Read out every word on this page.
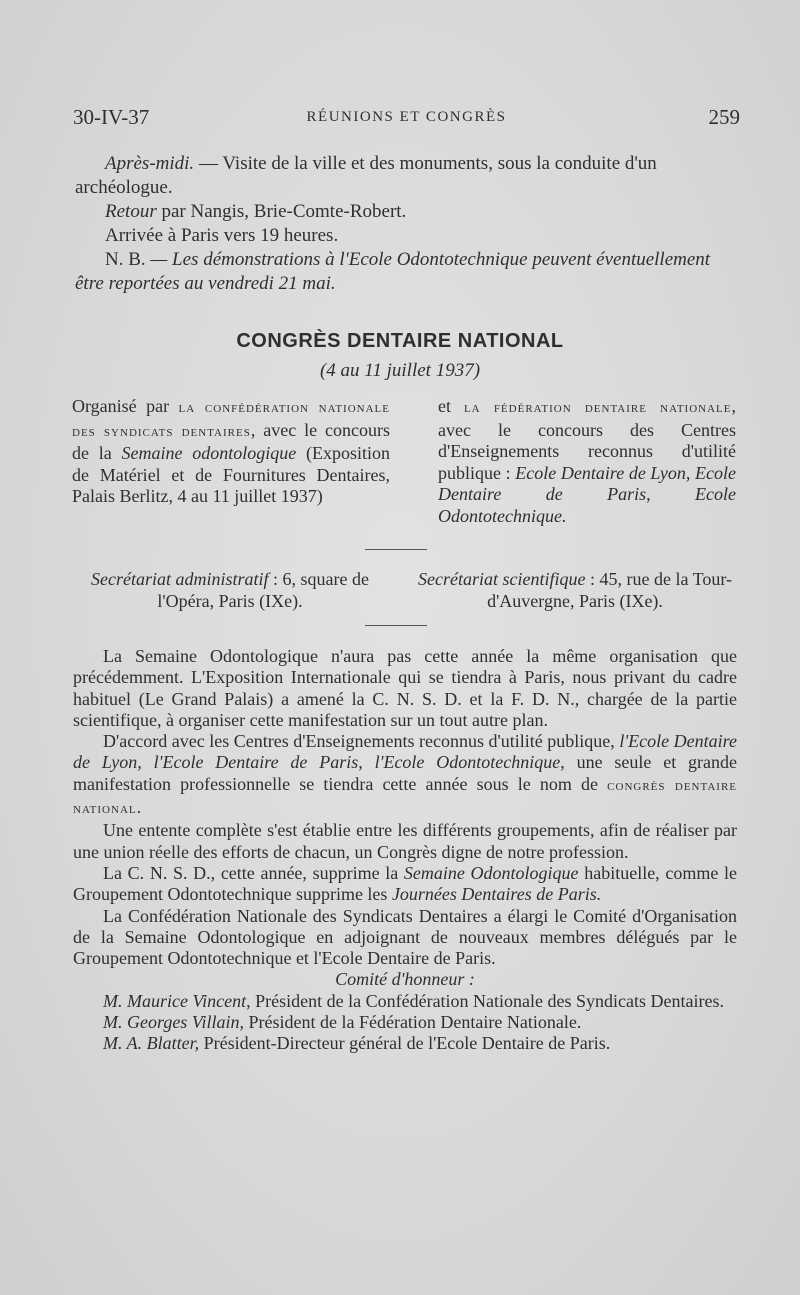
30-IV-37	RÉUNIONS ET CONGRÈS	259
Après-midi. — Visite de la ville et des monuments, sous la conduite d'un archéologue.
Retour par Nangis, Brie-Comte-Robert.
Arrivée à Paris vers 19 heures.
N. B. — Les démonstrations à l'Ecole Odontotechnique peuvent éventuellement être reportées au vendredi 21 mai.
CONGRÈS DENTAIRE NATIONAL
(4 au 11 juillet 1937)
Organisé par la confédération nationale des syndicats dentaires, avec le concours de la Semaine odontologique (Exposition de Matériel et de Fournitures Dentaires, Palais Berlitz, 4 au 11 juillet 1937)
et la fédération dentaire nationale, avec le concours des Centres d'Enseignements reconnus d'utilité publique : Ecole Dentaire de Lyon, Ecole Dentaire de Paris, Ecole Odontotechnique.
Secrétariat administratif : 6, square de l'Opéra, Paris (IXe).
Secrétariat scientifique : 45, rue de la Tour-d'Auvergne, Paris (IXe).

La Semaine Odontologique n'aura pas cette année la même organisation que précédemment. L'Exposition Internationale qui se tiendra à Paris, nous privant du cadre habituel (Le Grand Palais) a amené la C. N. S. D. et la F. D. N., chargée de la partie scientifique, à organiser cette manifestation sur un tout autre plan.

D'accord avec les Centres d'Enseignements reconnus d'utilité publique, l'Ecole Dentaire de Lyon, l'Ecole Dentaire de Paris, l'Ecole Odontotechnique, une seule et grande manifestation professionnelle se tiendra cette année sous le nom de congrès dentaire national.

Une entente complète s'est établie entre les différents groupements, afin de réaliser par une union réelle des efforts de chacun, un Congrès digne de notre profession.

La C. N. S. D., cette année, supprime la Semaine Odontologique habituelle, comme le Groupement Odontotechnique supprime les Journées Dentaires de Paris.

La Confédération Nationale des Syndicats Dentaires a élargi le Comité d'Organisation de la Semaine Odontologique en adjoignant de nouveaux membres délégués par le Groupement Odontotechnique et l'Ecole Dentaire de Paris.

Comité d'honneur :

M. Maurice Vincent, Président de la Confédération Nationale des Syndicats Dentaires.

M. Georges Villain, Président de la Fédération Dentaire Nationale.

M. A. Blatter, Président-Directeur général de l'Ecole Dentaire de Paris.
